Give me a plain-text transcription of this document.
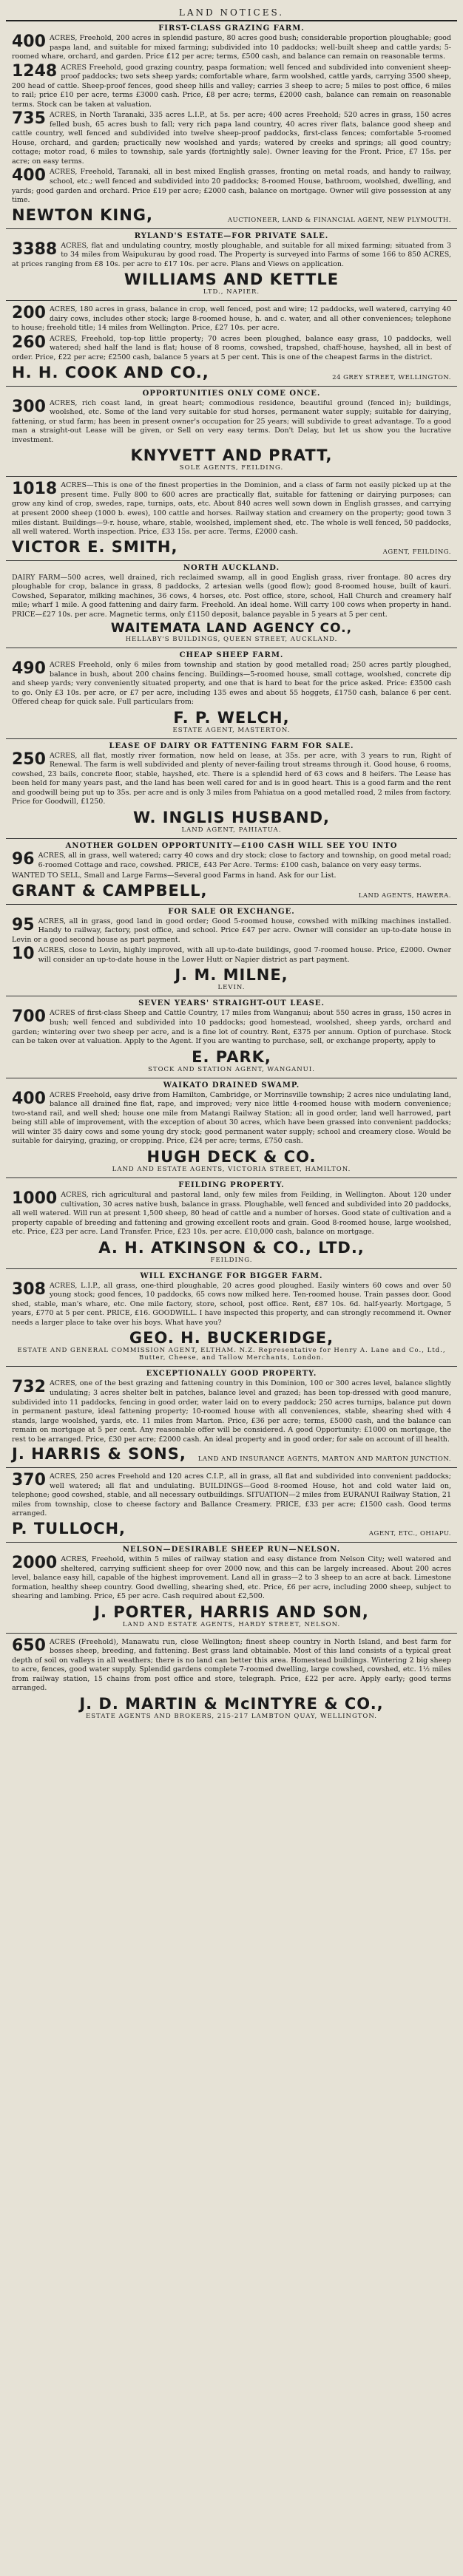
LAND NOTICES.
FIRST-CLASS GRAZING FARM.
400 ACRES, Freehold, 200 acres in splendid pasture, 80 acres good bush; considerable proportion ploughable; good paspa land, and suitable for mixed farming; subdivided into 10 paddocks; well-built sheep and cattle yards; 5-roomed whare, orchard, and garden. Price £12 per acre; terms, £500 cash, and balance can remain on reasonable terms.
1248 ACRES Freehold, good grazing country, paspa formation; well fenced and subdivided into convenient sheep-proof paddocks; two sets sheep yards; comfortable whare, farm woolshed, cattle yards, carrying 3500 sheep, 200 head of cattle. Sheep-proof fences, good sheep hills and valley; carries 3 sheep to acre; 5 miles to post office, 6 miles to rail; price £10 per acre, terms £3000 cash. Price, £8 per acre; terms, £2000 cash, balance can remain on reasonable terms. Stock can be taken at valuation.
735 ACRES, in North Taranaki, 335 acres L.I.P., at 5s. per acre; 400 acres Freehold; 520 acres in grass, 150 acres felled bush, 65 acres bush to fall; very rich papa land country, 40 acres river flats, balance good sheep and cattle country, well fenced and subdivided into twelve sheep-proof paddocks, first-class fences; comfortable 5-roomed House, orchard, and garden; practically new woolshed and yards; watered by creeks and springs; all good country; cottage; motor road, 6 miles to township, sale yards (fortnightly sale). Owner leaving for the Front. Price, £7 15s. per acre; on easy terms.
400 ACRES, Freehold, Taranaki, all in best mixed English grasses, fronting on metal roads, and handy to railway, school, etc.; well fenced and subdivided into 20 paddocks; 8-roomed House, bathroom, woolshed, dwelling, and yards; good garden and orchard. Price £19 per acre; £2000 cash, balance on mortgage. Owner will give possession at any time.
NEWTON KING,	AUCTIONEER, LAND & FINANCIAL AGENT, NEW PLYMOUTH.
RYLAND'S ESTATE—FOR PRIVATE SALE.
3388 ACRES, flat and undulating country, mostly ploughable, and suitable for all mixed farming; situated from 3 to 34 miles from Waipukurau by good road. The Property is surveyed into Farms of some 166 to 850 ACRES, at prices ranging from £8 10s. per acre to £17 10s. per acre. Plans and Views on application.
WILLIAMS AND KETTLE
LTD., NAPIER.
200 ACRES, 180 acres in grass, balance in crop, well fenced, post and wire; 12 paddocks, well watered, carrying 40 dairy cows, includes other stock; large 8-roomed house, h. and c. water, and all other conveniences; telephone to house; freehold title; 14 miles from Wellington. Price, £27 10s. per acre.
260 ACRES, Freehold, top-top little property; 70 acres been ploughed, balance easy grass, 10 paddocks, well watered; shed half the land is flat; house of 8 rooms, cowshed, trapshed, chaff-house, hayshed, all in best of order. Price, £22 per acre; £2500 cash, balance 5 years at 5 per cent. This is one of the cheapest farms in the district.
H. H. COOK AND CO.,	24 GREY STREET, WELLINGTON.
OPPORTUNITIES ONLY COME ONCE.
300 ACRES, rich coast land, in great heart; commodious residence, beautiful ground (fenced in); buildings, woolshed, etc. Some of the land very suitable for stud horses, permanent water supply; suitable for dairying, fattening, or stud farm; has been in present owner's occupation for 25 years; will subdivide to great advantage. To a good man a straight-out Lease will be given, or Sell on very easy terms. Don't Delay, but let us show you the lucrative investment.
KNYVETT AND PRATT,
SOLE AGENTS, FEILDING.
1018 ACRES—This is one of the finest properties in the Dominion, and a class of farm not easily picked up at the present time. Fully 800 to 600 acres are practically flat, suitable for fattening or dairying purposes; can grow any kind of crop, swedes, rape, turnips, oats, etc. About 840 acres well sown down in English grasses, and carrying at present 2000 sheep (1000 b. ewes), 100 cattle and horses. Railway station and creamery on the property; good town 3 miles distant. Buildings—9-r. house, whare, stable, woolshed, implement shed, etc. The whole is well fenced, 50 paddocks, all well watered. Worth inspection. Price, £33 15s. per acre. Terms, £2000 cash.
VICTOR E. SMITH,	AGENT, FEILDING.
NORTH AUCKLAND.
DAIRY FARM—500 acres, well drained, rich reclaimed swamp, all in good English grass, river frontage. 80 acres dry ploughable for crop, balance in grass, 8 paddocks, 2 artesian wells (good flow); good 8-roomed house, built of kauri. Cowshed, Separator, milking machines, 36 cows, 4 horses, etc. Post office, store, school, Hall Church and creamery half mile; wharf 1 mile. A good fattening and dairy farm. Freehold. An ideal home. Will carry 100 cows when property in hand. PRICE—£27 10s. per acre. Magnetic terms, only £1150 deposit, balance payable in 5 years at 5 per cent.
WAITEMATA LAND AGENCY CO.,
HELLABY'S BUILDINGS, QUEEN STREET, AUCKLAND.
CHEAP SHEEP FARM.
490 ACRES Freehold, only 6 miles from township and station by good metalled road; 250 acres partly ploughed, balance in bush, about 200 chains fencing. Buildings—5-roomed house, small cottage, woolshed, concrete dip and sheep yards; very conveniently situated property, and one that is hard to beat for the price asked. Price: £3500 cash to go. Only £3 10s. per acre, or £7 per acre, including 135 ewes and about 55 hoggets, £1750 cash, balance 6 per cent. Offered cheap for quick sale. Full particulars from:
F. P. WELCH,
ESTATE AGENT, MASTERTON.
LEASE OF DAIRY OR FATTENING FARM FOR SALE.
250 ACRES, all flat, mostly river formation, now held on lease, at 35s. per acre, with 3 years to run, Right of Renewal. The farm is well subdivided and plenty of never-failing trout streams through it. Good house, 6 rooms, cowshed, 23 bails, concrete floor, stable, hayshed, etc. There is a splendid herd of 63 cows and 8 heifers. The Lease has been held for many years past, and the land has been well cared for and is in good heart. This is a good farm and the rent and goodwill being put up to 35s. per acre and is only 3 miles from Pahiatua on a good metalled road, 2 miles from factory. Price for Goodwill, £1250.
W. INGLIS HUSBAND,
LAND AGENT, PAHIATUA.
ANOTHER GOLDEN OPPORTUNITY—£100 CASH WILL SEE YOU INTO
96 ACRES, all in grass, well watered; carry 40 cows and dry stock; close to factory and township, on good metal road; 6-roomed Cottage and race, cowshed. PRICE, £43 Per Acre. Terms: £100 cash, balance on very easy terms.
WANTED TO SELL, Small and Large Farms—Several good Farms in hand. Ask for our List.
GRANT & CAMPBELL,	LAND AGENTS, HAWERA.
FOR SALE OR EXCHANGE.
95 ACRES, all in grass, good land in good order; Good 5-roomed house, cowshed with milking machines installed. Handy to railway, factory, post office, and school. Price £47 per acre. Owner will consider an up-to-date house in Levin or a good second house as part payment.
10 ACRES, close to Levin, highly improved, with all up-to-date buildings, good 7-roomed house. Price, £2000. Owner will consider an up-to-date house in the Lower Hutt or Napier district as part payment.
J. M. MILNE,
LEVIN.
SEVEN YEARS' STRAIGHT-OUT LEASE.
700 ACRES of first-class Sheep and Cattle Country, 17 miles from Wanganui; about 550 acres in grass, 150 acres in bush; well fenced and subdivided into 10 paddocks; good homestead, woolshed, sheep yards, orchard and garden; wintering over two sheep per acre, and is a fine lot of country. Rent, £375 per annum. Option of purchase. Stock can be taken over at valuation. Apply to the Agent. If you are wanting to purchase, sell, or exchange property, apply to
E. PARK,
STOCK AND STATION AGENT, WANGANUI.
WAIKATO DRAINED SWAMP.
400 ACRES Freehold, easy drive from Hamilton, Cambridge, or Morrinsville township; 2 acres nice undulating land, balance all drained fine flat, rape, and improved; very nice little 4-roomed house with modern convenience; two-stand rail, and well shed; house one mile from Matangi Railway Station; all in good order, land well harrowed, part being still able of improvement, with the exception of about 30 acres, which have been grassed into convenient paddocks; will winter 35 dairy cows and some young dry stock; good permanent water supply; school and creamery close. Would be suitable for dairying, grazing, or cropping. Price, £24 per acre; terms, £750 cash.
HUGH DECK & CO.
LAND AND ESTATE AGENTS, VICTORIA STREET, HAMILTON.
FEILDING PROPERTY.
1000 ACRES, rich agricultural and pastoral land, only few miles from Feilding, in Wellington. About 120 under cultivation, 30 acres native bush, balance in grass. Ploughable, well fenced and subdivided into 20 paddocks, all well watered. Will run at present 1,500 sheep, 80 head of cattle and a number of horses. Good state of cultivation and a property capable of breeding and fattening and growing excellent roots and grain. Good 8-roomed house, large woolshed, etc. Price, £23 per acre. Land Transfer. Price, £23 10s. per acre. £10,000 cash, balance on mortgage.
A. H. ATKINSON & CO., LTD.,
FEILDING.
WILL EXCHANGE FOR BIGGER FARM.
308 ACRES, L.I.P., all grass, one-third ploughable, 20 acres good ploughed. Easily winters 60 cows and over 50 young stock; good fences, 10 paddocks, 65 cows now milked here. Ten-roomed house. Train passes door. Good shed, stable, man's whare, etc. One mile factory, store, school, post office. Rent, £87 10s. 6d. half-yearly. Mortgage, 5 years, £770 at 5 per cent. PRICE, £16. GOODWILL. I have inspected this property, and can strongly recommend it. Owner needs a larger place to take over his boys. What have you?
GEO. H. BUCKERIDGE,
ESTATE AND GENERAL COMMISSION AGENT, ELTHAM. N.Z. Representative for Henry A. Lane and Co., Ltd., Butter, Cheese, and Tallow Merchants, London.
EXCEPTIONALLY GOOD PROPERTY.
732 ACRES, one of the best grazing and fattening country in this Dominion, 100 or 300 acres level, balance slightly undulating; 3 acres shelter belt in patches, balance level and grazed; has been top-dressed with good manure, subdivided into 11 paddocks, fencing in good order, water laid on to every paddock; 250 acres turnips, balance put down in permanent pasture, ideal fattening property; 10-roomed house with all conveniences, stable, shearing shed with 4 stands, large woolshed, yards, etc. 11 miles from Marton. Price, £36 per acre; terms, £5000 cash, and the balance can remain on mortgage at 5 per cent. Any reasonable offer will be considered. A good Opportunity: £1000 on mortgage, the rest to be arranged. Price, £30 per acre; £2000 cash. An ideal property and in good order; for sale on account of ill health.
J. HARRIS & SONS, LAND AND INSURANCE AGENTS, MARTON AND MARTON JUNCTION.
370 ACRES, 250 acres Freehold and 120 acres C.I.P., all in grass, all flat and subdivided into convenient paddocks; well watered; all flat and undulating. BUILDINGS—Good 8-roomed House, hot and cold water laid on, telephone; good cowshed, stable, and all necessary outbuildings. SITUATION—2 miles from EURANUI Railway Station, 21 miles from township, close to cheese factory and Ballance Creamery. PRICE, £33 per acre; £1500 cash. Good terms arranged.
P. TULLOCH,	AGENT, ETC., OHIAPU.
NELSON—DESIRABLE SHEEP RUN—NELSON.
2000 ACRES, Freehold, within 5 miles of railway station and easy distance from Nelson City; well watered and sheltered, carrying sufficient sheep for over 2000 now, and this can be largely increased. About 200 acres level, balance easy hill, capable of the highest improvement. Land all in grass—2 to 3 sheep to an acre at back. Limestone formation, healthy sheep country. Good dwelling, shearing shed, etc. Price, £6 per acre, including 2000 sheep, subject to shearing and lambing. Price, £5 per acre. Cash required about £2,500.
J. PORTER, HARRIS AND SON,
LAND AND ESTATE AGENTS, HARDY STREET, NELSON.
650 ACRES (Freehold), Manawatu run, close Wellington; finest sheep country in North Island, and best farm for bosses sheep, breeding, and fattening. Best grass land obtainable. Most of this land consists of a typical great depth of soil on valleys in all weathers; there is no land can better this area. Homestead buildings. Wintering 2 big sheep to acre, fences, good water supply. Splendid gardens complete 7-roomed dwelling, large cowshed, cowshed, etc. 1½ miles from railway station, 15 chains from post office and store, telegraph. Price, £22 per acre. Apply early; good terms arranged.
J. D. MARTIN & McINTYRE & CO.,
ESTATE AGENTS AND BROKERS, 215-217 LAMBTON QUAY, WELLINGTON.
